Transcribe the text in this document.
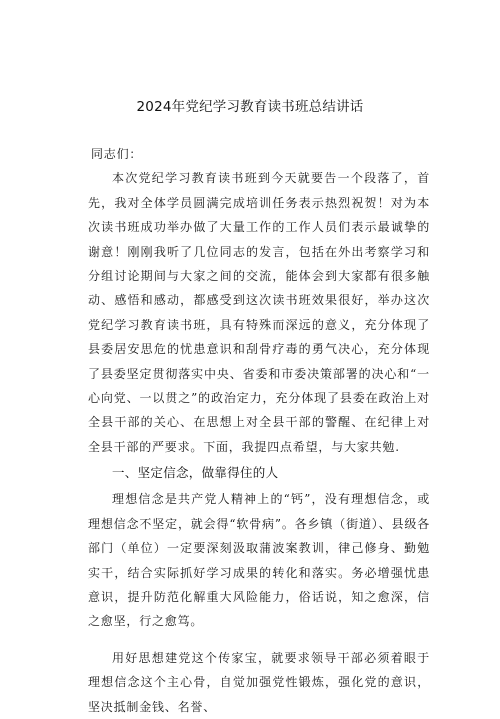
2024年党纪学习教育读书班总结讲话

同志们：

本次党纪学习教育读书班到今天就要告一个段落了，首先，我对全体学员圆满完成培训任务表示热烈祝贺！对为本次读书班成功举办做了大量工作的工作人员们表示最诚挚的谢意！刚刚我听了几位同志的发言，包括在外出考察学习和分组讨论期间与大家之间的交流，能体会到大家都有很多触动、感悟和感动，都感受到这次读书班效果很好，举办这次党纪学习教育读书班，具有特殊而深远的意义，充分体现了县委居安思危的忧患意识和刮骨疗毒的勇气决心，充分体现了县委坚定贯彻落实中央、省委和市委决策部署的决心和“一心向党、一以贯之”的政治定力，充分体现了县委在政治上对全县干部的关心、在思想上对全县干部的警醒、在纪律上对全县干部的严要求。下面，我提四点希望，与大家共勉.

一、坚定信念，做靠得住的人

理想信念是共产党人精神上的“钙”，没有理想信念，或理想信念不坚定，就会得“软骨病”。各乡镇（街道）、县级各部门（单位）一定要深刻汲取蒲波案教训，律己修身、勤勉实干，结合实际抓好学习成果的转化和落实。务必增强忧患意识，提升防范化解重大风险能力，俗话说，知之愈深，信之愈坚，行之愈笃。

用好思想建党这个传家宝，就要求领导干部必须着眼于理想信念这个主心骨，自觉加强党性锻炼，强化党的意识，坚决抵制金钱、名誉、
